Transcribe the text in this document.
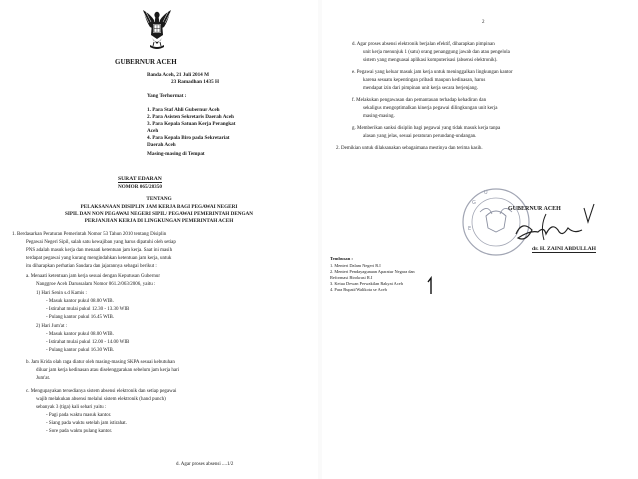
GUBERNUR ACEH
Banda Aceh, 21 Juli 2014 M
23 Ramadhan 1435 H
Yang Terhormat :
1. Para Staf Ahli Gubernur Aceh
2. Para Asisten Sekretaris Daerah Aceh
3. Para Kepala Satuan Kerja Perangkat
Aceh
4. Para Kepala Biro pada Sekretariat
Daerah Aceh
Masing-masing di Tempat
SURAT EDARAN
NOMOR 065/28350
TENTANG
PELAKSANAAN DISIPLIN JAM KERJA BAGI PEGAWAI NEGERI
SIPIL DAN NON PEGAWAI NEGERI SIPIL/ PEGAWAI PEMERINTAH DENGAN
PERJANJIAN KERJA DI LINGKUNGAN PEMERINTAH ACEH
1. Berdasarkan Peraturan Pemerintah Nomor 53 Tahun 2010 tentang Disiplin
Pegawai Negeri Sipil, salah satu kewajiban yang harus dipatuhi oleh setiap
PNS adalah masuk kerja dan menaati ketentuan jam kerja. Saat ini masih
terdapat pegawai yang kurang mengindahkan ketentuan jam kerja, untuk
itu diharapkan perhatian Saudara dan jajarannya sebagai berikut :
a. Menaati ketentuan jam kerja sesuai dengan Keputusan Gubernur
Nanggroe Aceh Darussalam Nomor 061.2/063/2006, yaitu :
1) Hari Senin s.d Kamis :
- Masuk kantor pukul 08.00 WIB.
- Istirahat mulai pukul 12.30 - 13.30 WIB
- Pulang kantor pukul 16.45 WIB.
2) Hari Jum'at :
- Masuk kantor pukul 08.00 WIB.
- Istirahat mulai pukul 12.00 - 14.00 WIB
- Pulang kantor pukul 16.30 WIB.
b. Jam Krida olah raga diatur oleh masing-masing SKPA sesuai kebutuhan
diluar jam kerja kedinasan atau diselenggarakan sebelum jam kerja hari
Jum'at.
c. Mengupayakan tersedianya sistem absensi elektronik dan setiap pegawai
wajib melakukan absensi melalui sistem elektronik (hand punch)
sebanyak 3 (tiga) kali sehari yaitu :
- Pagi pada waktu masuk kantor.
- Siang pada waktu setelah jam istirahat.
- Sore pada waktu pulang kantor.
d. Agar proses absensi ....1/2
2
d. Agar proses absensi elektronik berjalan efektif, diharapkan pimpinan
unit kerja menunjuk 1 (satu) orang penanggung jawab dan atau pengelola
sistem yang menguasai aplikasi komputerisasi (absensi elektronik).
e. Pegawai yang keluar masuk jam kerja untuk meninggalkan lingkungan kantor
karena sesuatu kepentingan pribadi maupun kedinasan, harus
mendapat izin dari pimpinan unit kerja secara berjenjang.
f. Melakukan pengawasan dan pemantauan terhadap kehadiran dan
sekaligus mengoptimalkan kinerja pegawai dilingkungan unit kerja
masing-masing.
g. Memberikan sanksi disiplin bagi pegawai yang tidak masuk kerja tanpa
alasan yang jelas, sesuai peraturan perundang-undangan.
2. Demikian untuk dilaksanakan sebagaimana mestinya dan terima kasih.
G
U
E
GUBERNUR ACEH
dr. H. ZAINI ABDULLAH
Tembusan :
1. Menteri Dalam Negeri R.I
2. Menteri Pendayagunaan Aparatur Negara dan
Reformasi Birokrasi R.I
3. Ketua Dewan Perwakilan Rakyat Aceh
4. Para Bupati/Walikota se Aceh
